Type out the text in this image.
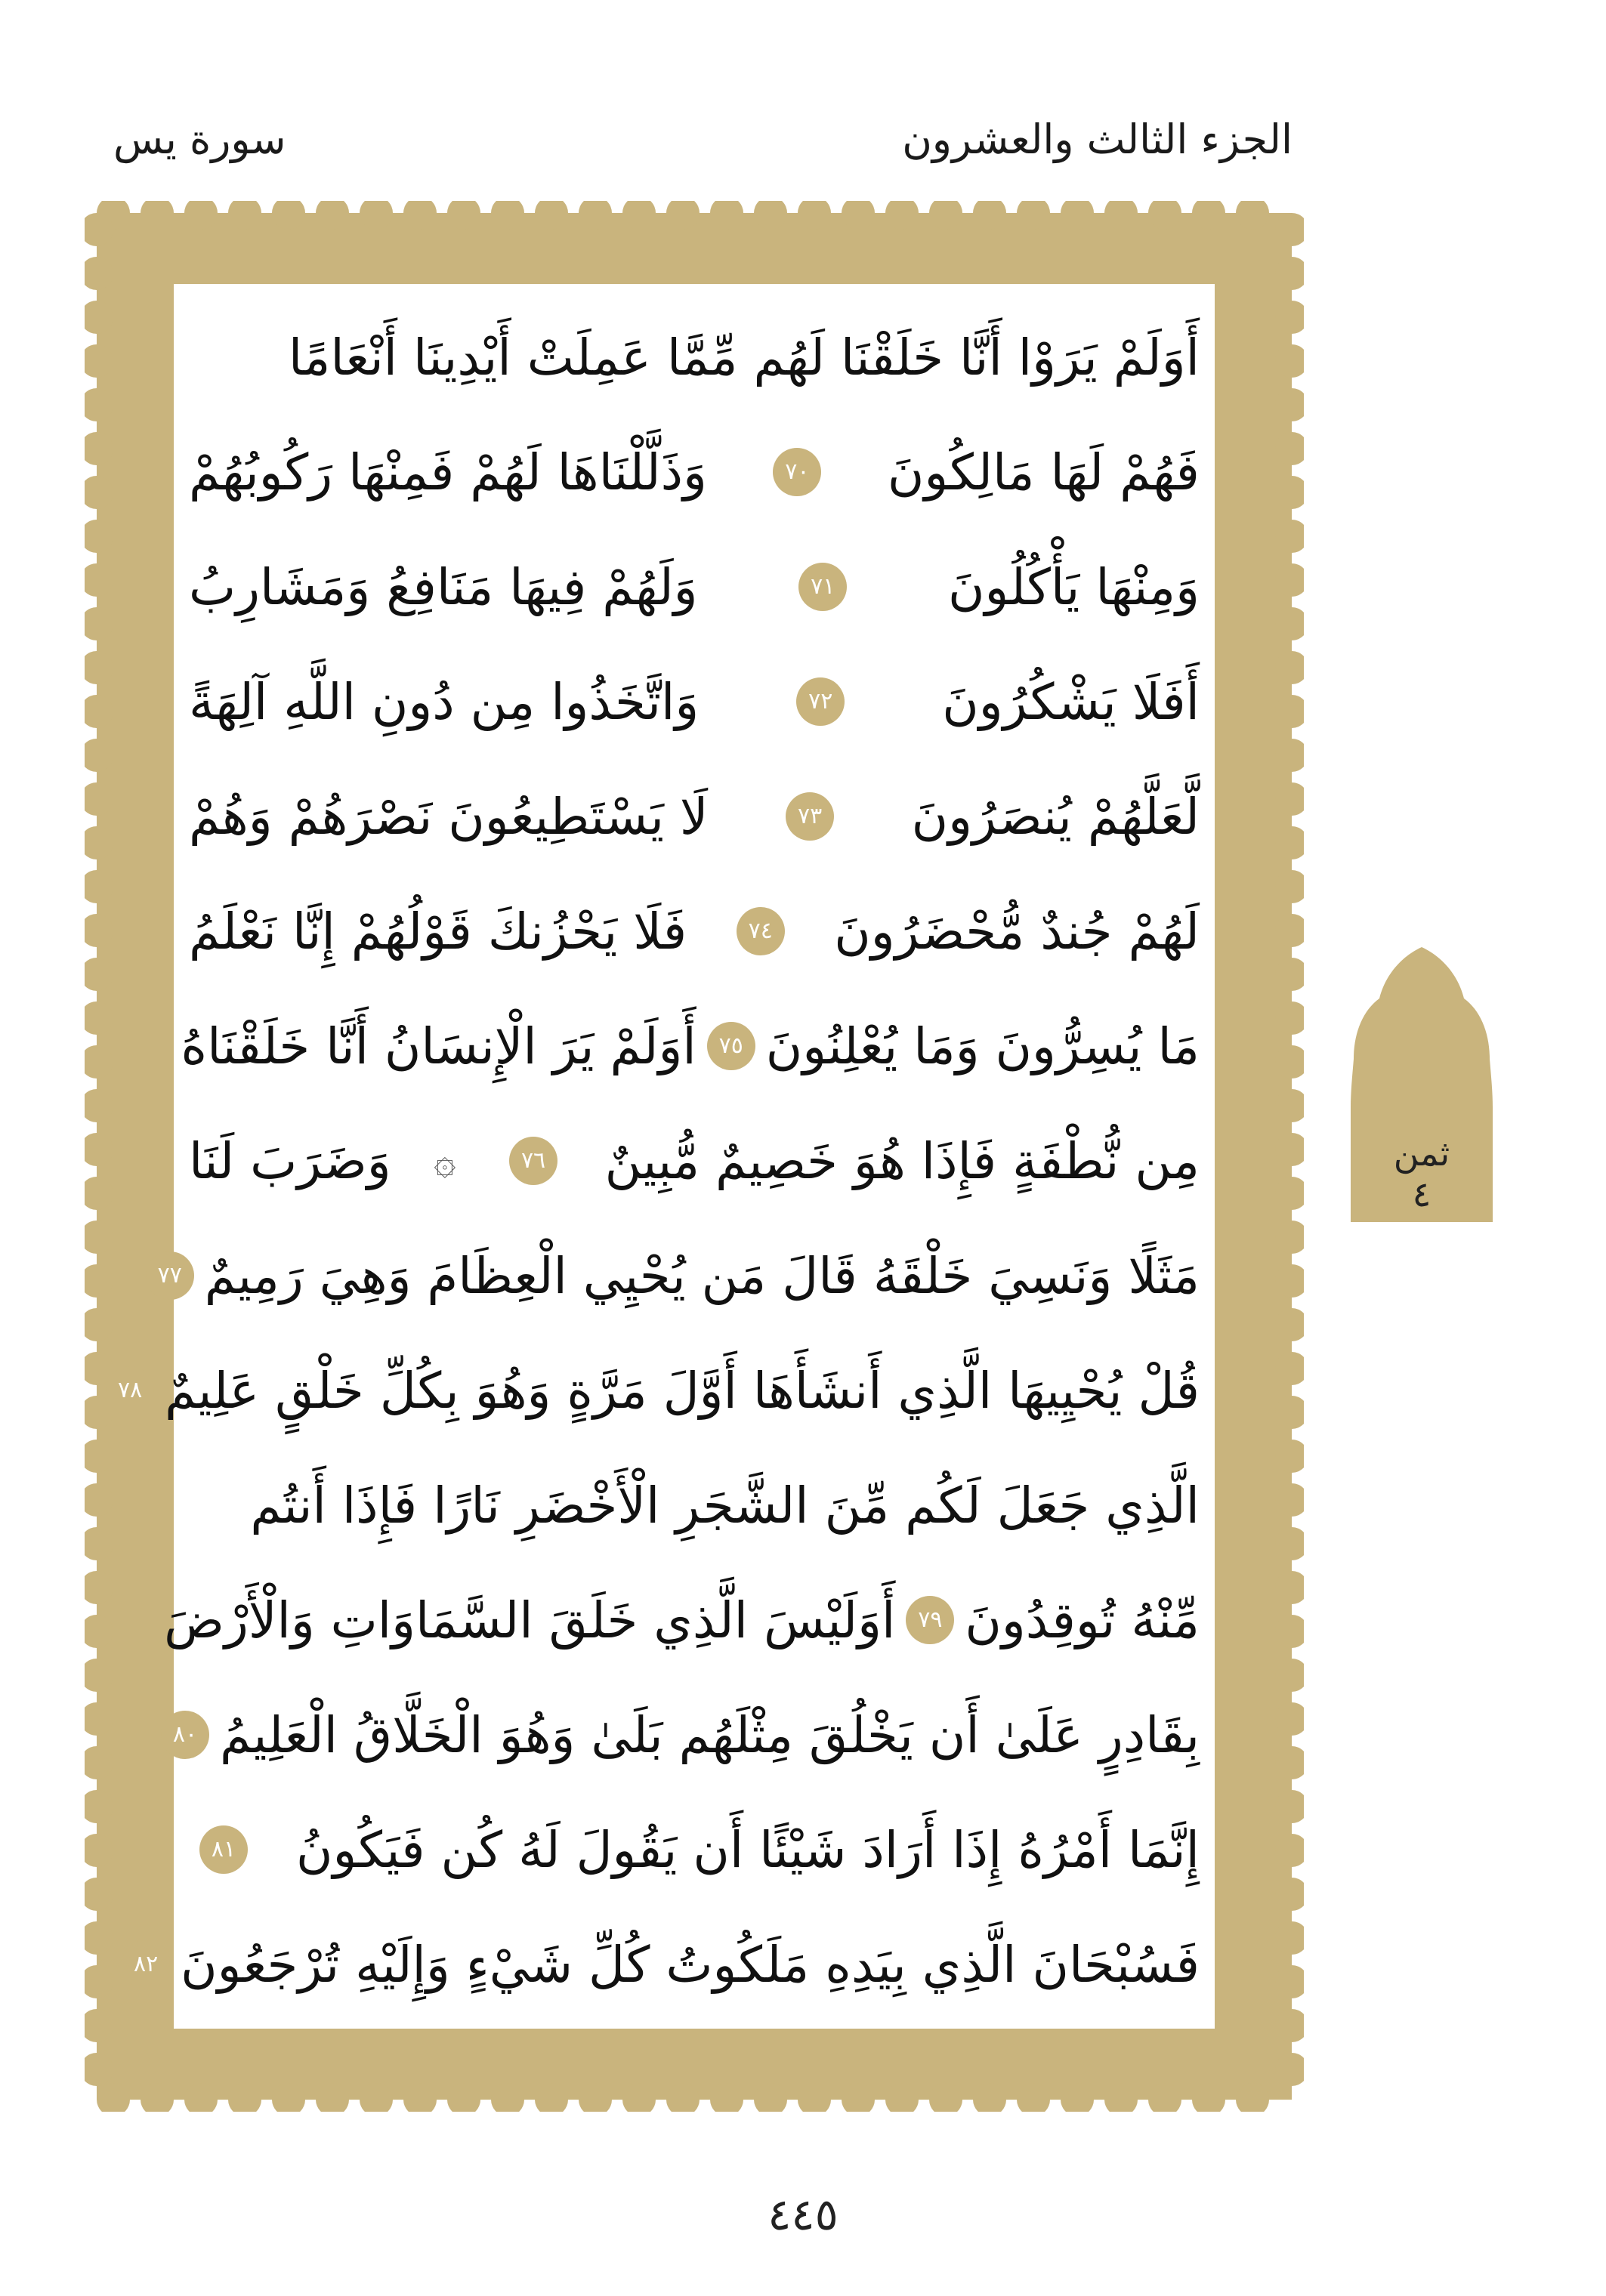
الجزء الثالث والعشرون
سورة يس
أَوَلَمْ يَرَوْا أَنَّا خَلَقْنَا لَهُم مِّمَّا عَمِلَتْ أَيْدِينَا أَنْعَامًا
فَهُمْ لَهَا مَالِكُونَ
٧٠
وَذَلَّلْنَاهَا لَهُمْ فَمِنْهَا رَكُوبُهُمْ
وَمِنْهَا يَأْكُلُونَ
٧١
وَلَهُمْ فِيهَا مَنَافِعُ وَمَشَارِبُ
أَفَلَا يَشْكُرُونَ
٧٢
وَاتَّخَذُوا مِن دُونِ اللَّهِ آلِهَةً
لَّعَلَّهُمْ يُنصَرُونَ
٧٣
لَا يَسْتَطِيعُونَ نَصْرَهُمْ وَهُمْ
لَهُمْ جُندٌ مُّحْضَرُونَ
٧٤
فَلَا يَحْزُنكَ قَوْلُهُمْ إِنَّا نَعْلَمُ
مَا يُسِرُّونَ وَمَا يُعْلِنُونَ
٧٥
أَوَلَمْ يَرَ الْإِنسَانُ أَنَّا خَلَقْنَاهُ
مِن نُّطْفَةٍ فَإِذَا هُوَ خَصِيمٌ مُّبِينٌ
٧٦
۞
وَضَرَبَ لَنَا
مَثَلًا وَنَسِيَ خَلْقَهُ قَالَ مَن يُحْيِي الْعِظَامَ وَهِيَ رَمِيمٌ
٧٧
قُلْ يُحْيِيهَا الَّذِي أَنشَأَهَا أَوَّلَ مَرَّةٍ وَهُوَ بِكُلِّ خَلْقٍ عَلِيمٌ
٧٨
الَّذِي جَعَلَ لَكُم مِّنَ الشَّجَرِ الْأَخْضَرِ نَارًا فَإِذَا أَنتُم
مِّنْهُ تُوقِدُونَ
٧٩
أَوَلَيْسَ الَّذِي خَلَقَ السَّمَاوَاتِ وَالْأَرْضَ
بِقَادِرٍ عَلَىٰ أَن يَخْلُقَ مِثْلَهُم بَلَىٰ وَهُوَ الْخَلَّاقُ الْعَلِيمُ
٨٠
إِنَّمَا أَمْرُهُ إِذَا أَرَادَ شَيْئًا أَن يَقُولَ لَهُ كُن فَيَكُونُ
٨١
فَسُبْحَانَ الَّذِي بِيَدِهِ مَلَكُوتُ كُلِّ شَيْءٍ وَإِلَيْهِ تُرْجَعُونَ
٨٢
ثمن
٤
٤٤٥
